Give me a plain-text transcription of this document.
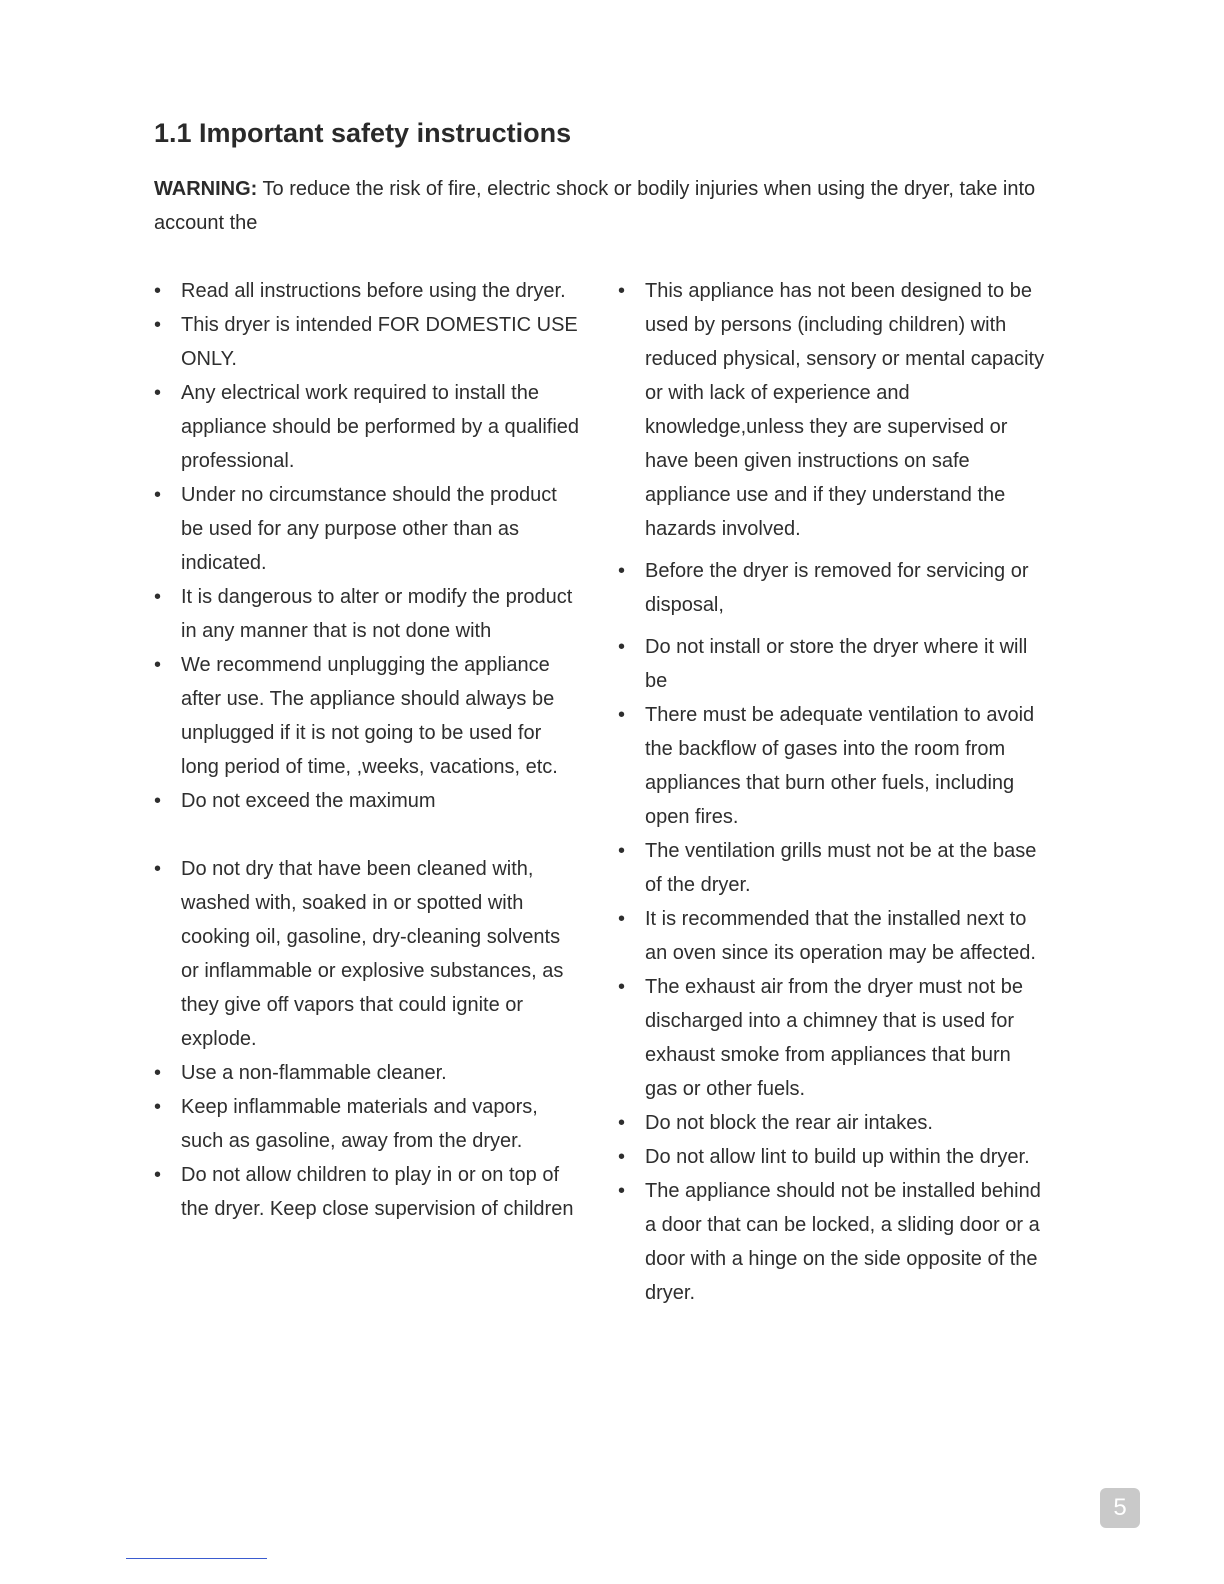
1.1 Important safety instructions

WARNING: To reduce the risk of fire, electric shock or bodily injuries when using the dryer, take into account the

• Read all instructions before using the dryer.
• This dryer is intended FOR DOMESTIC USE ONLY.
• Any electrical work required to install the appliance should be performed by a qualified professional.
• Under no circumstance should the product be used for any purpose other than as indicated.
• It is dangerous to alter or modify the product in any manner that is not done with
• We recommend unplugging the appliance after use. The appliance should always be unplugged if it is not going to be used for long period of time, ,weeks, vacations, etc.
• Do not exceed the maximum
• Do not dry that have been cleaned with, washed with, soaked in or spotted with cooking oil, gasoline, dry-cleaning solvents or inflammable or explosive substances, as they give off vapors that could ignite or explode.
• Use a non-flammable cleaner.
• Keep inflammable materials and vapors, such as gasoline, away from the dryer.
• Do not allow children to play in or on top of the dryer. Keep close supervision of children
• This appliance has not been designed to be used by persons (including children) with reduced physical, sensory or mental capacity or with lack of experience and knowledge,unless they are supervised or have been given instructions on safe appliance use and if they understand the hazards involved.
• Before the dryer is removed for servicing or disposal,
• Do not install or store the dryer where it will be
• There must be adequate ventilation to avoid the backflow of gases into the room from appliances that burn other fuels, including open fires.
• The ventilation grills must not be at the base of the dryer.
• It is recommended that the installed next to an oven since its operation may be affected.
• The exhaust air from the dryer must not be discharged into a chimney that is used for exhaust smoke from appliances that burn gas or other fuels.
• Do not block the rear air intakes.
• Do not allow lint to build up within the dryer.
• The appliance should not be installed behind a door that can be locked, a sliding door or a door with a hinge on the side opposite of the dryer.
5
